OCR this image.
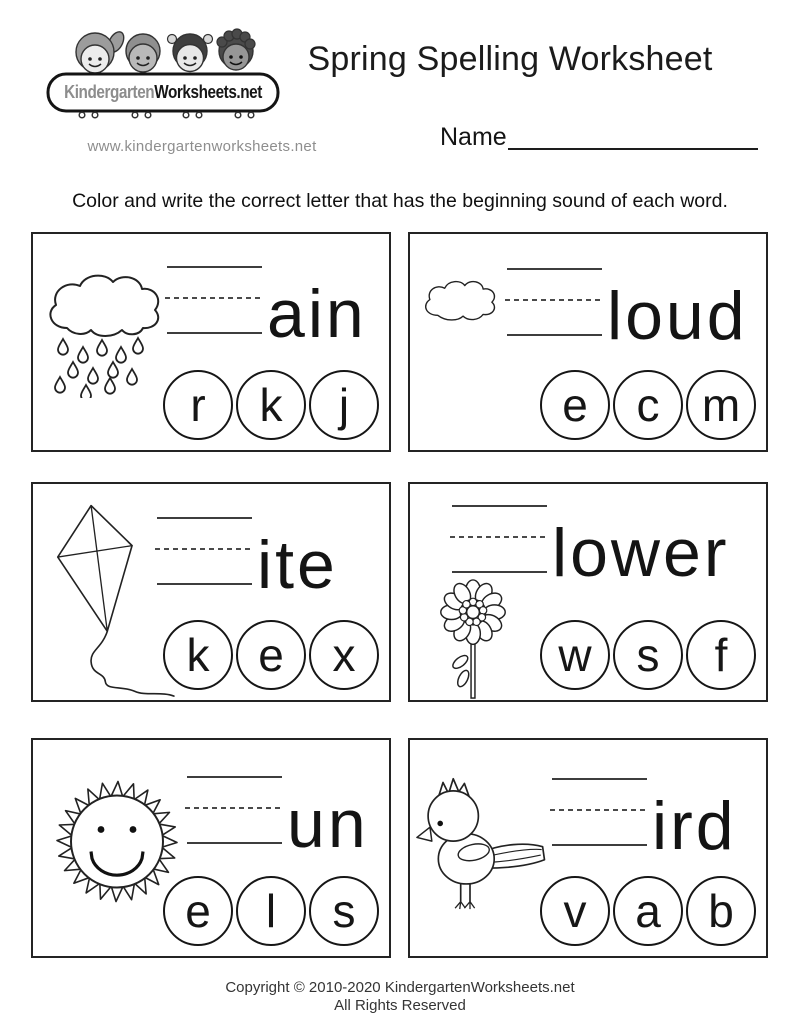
Kindergarten Worksheets.net
www.kindergartenworksheets.net
Spring Spelling Worksheet
Name
Color and write the correct letter that has the beginning sound of each word.
ain
r	k	j
loud
e	c m
ite
k	e	x
lower
w s	f
un
e	l	s
ird
v	a	b
Copyright © 2010-2020 KindergartenWorksheets.net
All Rights Reserved
